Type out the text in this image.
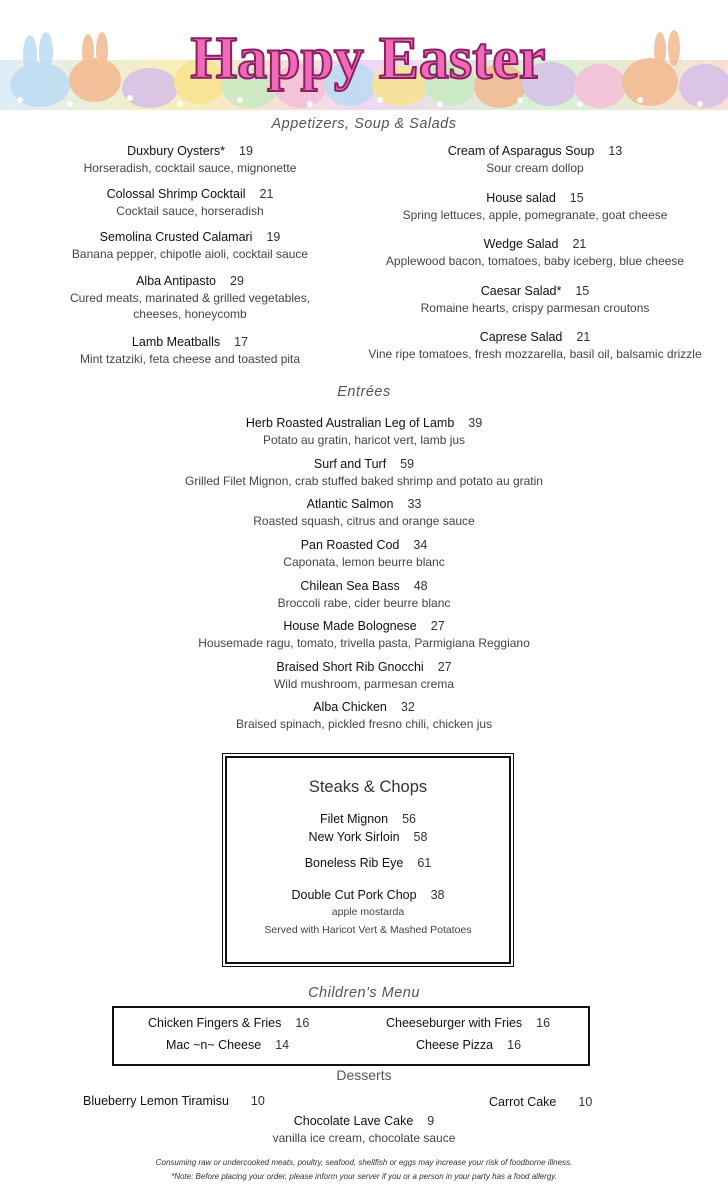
Happy Easter
Appetizers, Soup & Salads
Duxbury Oysters* 19
Horseradish, cocktail sauce, mignonette
Colossal Shrimp Cocktail 21
Cocktail sauce, horseradish
Semolina Crusted Calamari 19
Banana pepper, chipotle aioli, cocktail sauce
Alba Antipasto 29
Cured meats, marinated & grilled vegetables,
cheeses, honeycomb
Lamb Meatballs 17
Mint tzatziki, feta cheese and toasted pita
Cream of Asparagus Soup 13
Sour cream dollop
House salad 15
Spring lettuces, apple, pomegranate, goat cheese
Wedge Salad 21
Applewood bacon, tomatoes, baby iceberg, blue cheese
Caesar Salad* 15
Romaine hearts, crispy parmesan croutons
Caprese Salad 21
Vine ripe tomatoes, fresh mozzarella, basil oil, balsamic drizzle
Entrées
Herb Roasted Australian Leg of Lamb 39
Potato au gratin, haricot vert, lamb jus
Surf and Turf 59
Grilled Filet Mignon, crab stuffed baked shrimp and potato au gratin
Atlantic Salmon 33
Roasted squash, citrus and orange sauce
Pan Roasted Cod 34
Caponata, lemon beurre blanc
Chilean Sea Bass 48
Broccoli rabe, cider beurre blanc
House Made Bolognese 27
Housemade ragu, tomato, trivella pasta, Parmigiana Reggiano
Braised Short Rib Gnocchi 27
Wild mushroom, parmesan crema
Alba Chicken 32
Braised spinach, pickled fresno chili, chicken jus
Steaks & Chops
Filet Mignon 56
New York Sirloin 58
Boneless Rib Eye 61
Double Cut Pork Chop 38
apple mostarda
Served with Haricot Vert & Mashed Potatoes
Children's Menu
Chicken Fingers & Fries 16	Cheeseburger with Fries 16
Mac ~n~ Cheese 14	Cheese Pizza 16
Desserts
Blueberry Lemon Tiramisu 10	Carrot Cake 10
Chocolate Lave Cake 9
vanilla ice cream, chocolate sauce
Consuming raw or undercooked meats, poultry, seafood, shellfish or eggs may increase your risk of foodborne illness.
*Note: Before placing your order, please inform your server if you or a person in your party has a food allergy.
